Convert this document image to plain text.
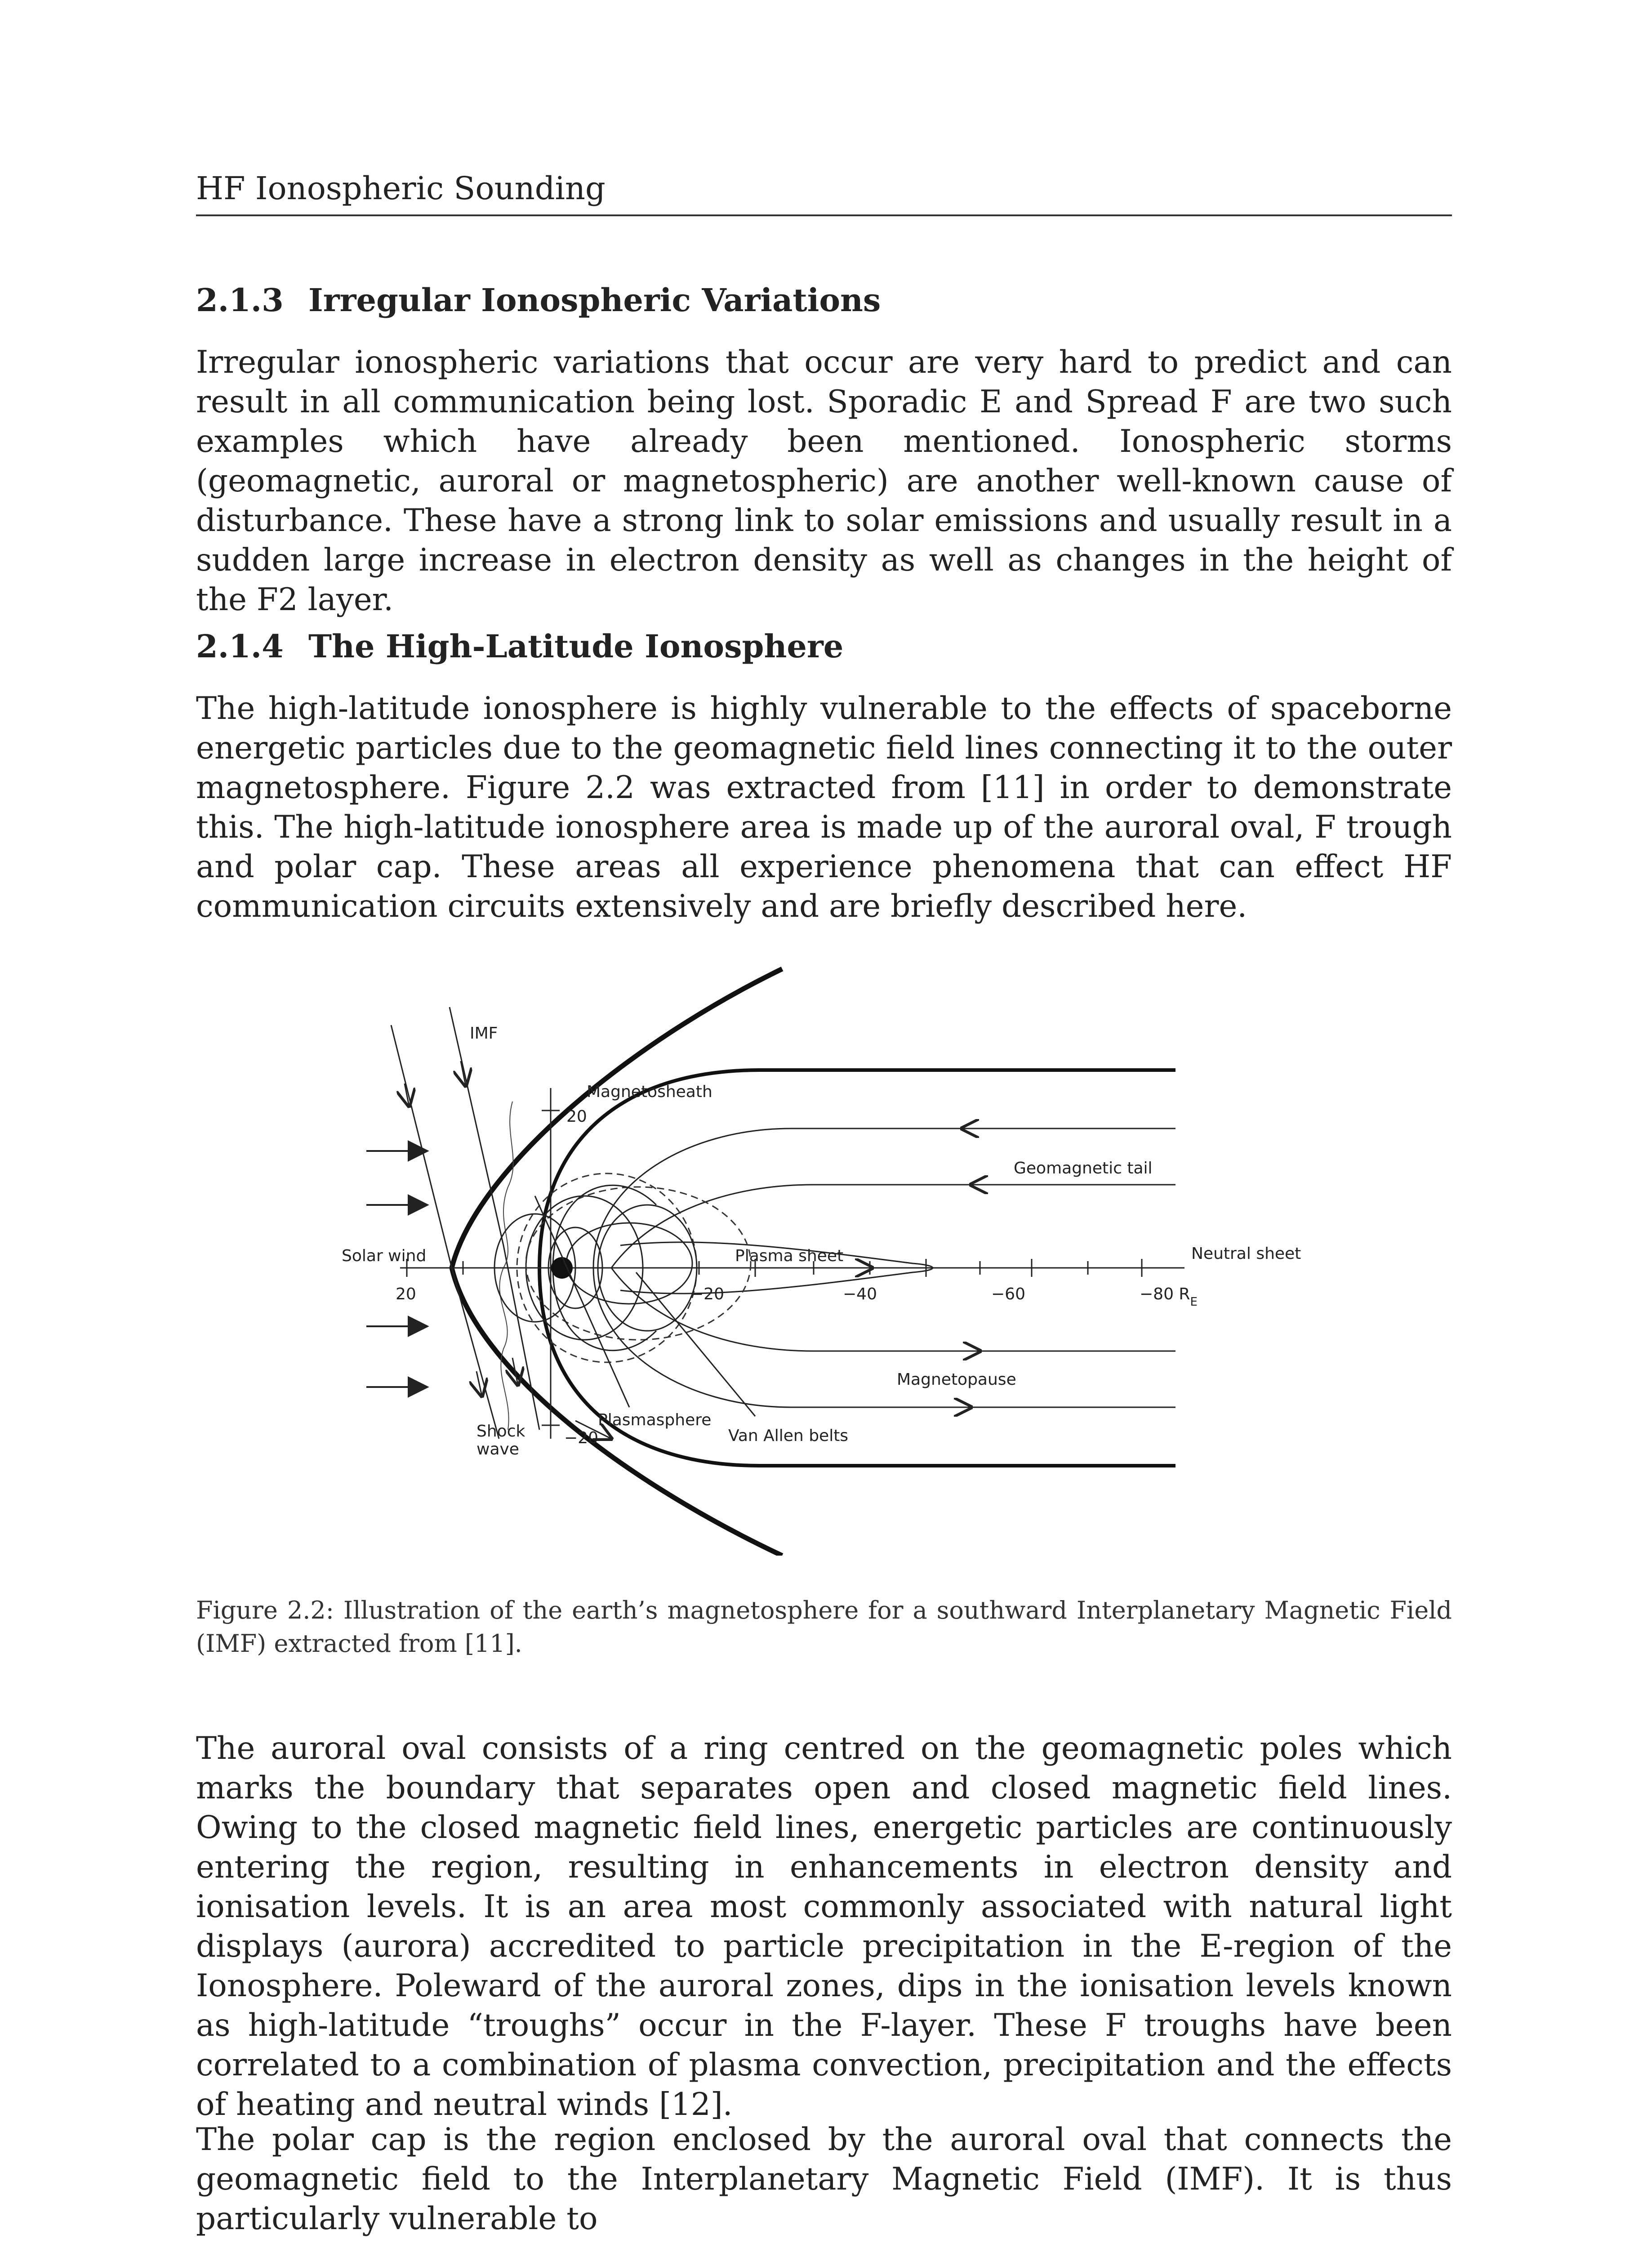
HF Ionospheric Sounding
2.1.3 Irregular Ionospheric Variations

Irregular ionospheric variations that occur are very hard to predict and can result in all communication being lost. Sporadic E and Spread F are two such examples which have already been mentioned. Ionospheric storms (geomagnetic, auroral or magnetospheric) are another well-known cause of disturbance. These have a strong link to solar emissions and usually result in a sudden large increase in electron density as well as changes in the height of the F2 layer.

2.1.4 The High-Latitude Ionosphere

The high-latitude ionosphere is highly vulnerable to the effects of spaceborne energetic particles due to the geomagnetic field lines connecting it to the outer magnetosphere. Figure 2.2 was extracted from [11] in order to demonstrate this. The high-latitude ionosphere area is made up of the auroral oval, F trough and polar cap. These areas all experience phenomena that can effect HF communication circuits extensively and are briefly described here.

IMF
Magnetosheath
20
Geomagnetic tail
Solar wind	Plasma sheet	Neutral sheet
20	−20	−40	−60	−80 $R_E$
Magnetopause
Plasmasphere
Van Allen belts
Shock
wave
−20
Figure 2.2: Illustration of the earth’s magnetosphere for a southward Interplanetary Magnetic Field (IMF) extracted from [11].

The auroral oval consists of a ring centred on the geomagnetic poles which marks the boundary that separates open and closed magnetic field lines. Owing to the closed magnetic field lines, energetic particles are continuously entering the region, resulting in enhancements in electron density and ionisation levels. It is an area most commonly associated with natural light displays (aurora) accredited to particle precipitation in the E-region of the Ionosphere. Poleward of the auroral zones, dips in the ionisation levels known as high-latitude “troughs” occur in the F-layer. These F troughs have been correlated to a combination of plasma convection, precipitation and the effects of heating and neutral winds [12].

The polar cap is the region enclosed by the auroral oval that connects the geomagnetic field to the Interplanetary Magnetic Field (IMF). It is thus particularly vulnerable to
